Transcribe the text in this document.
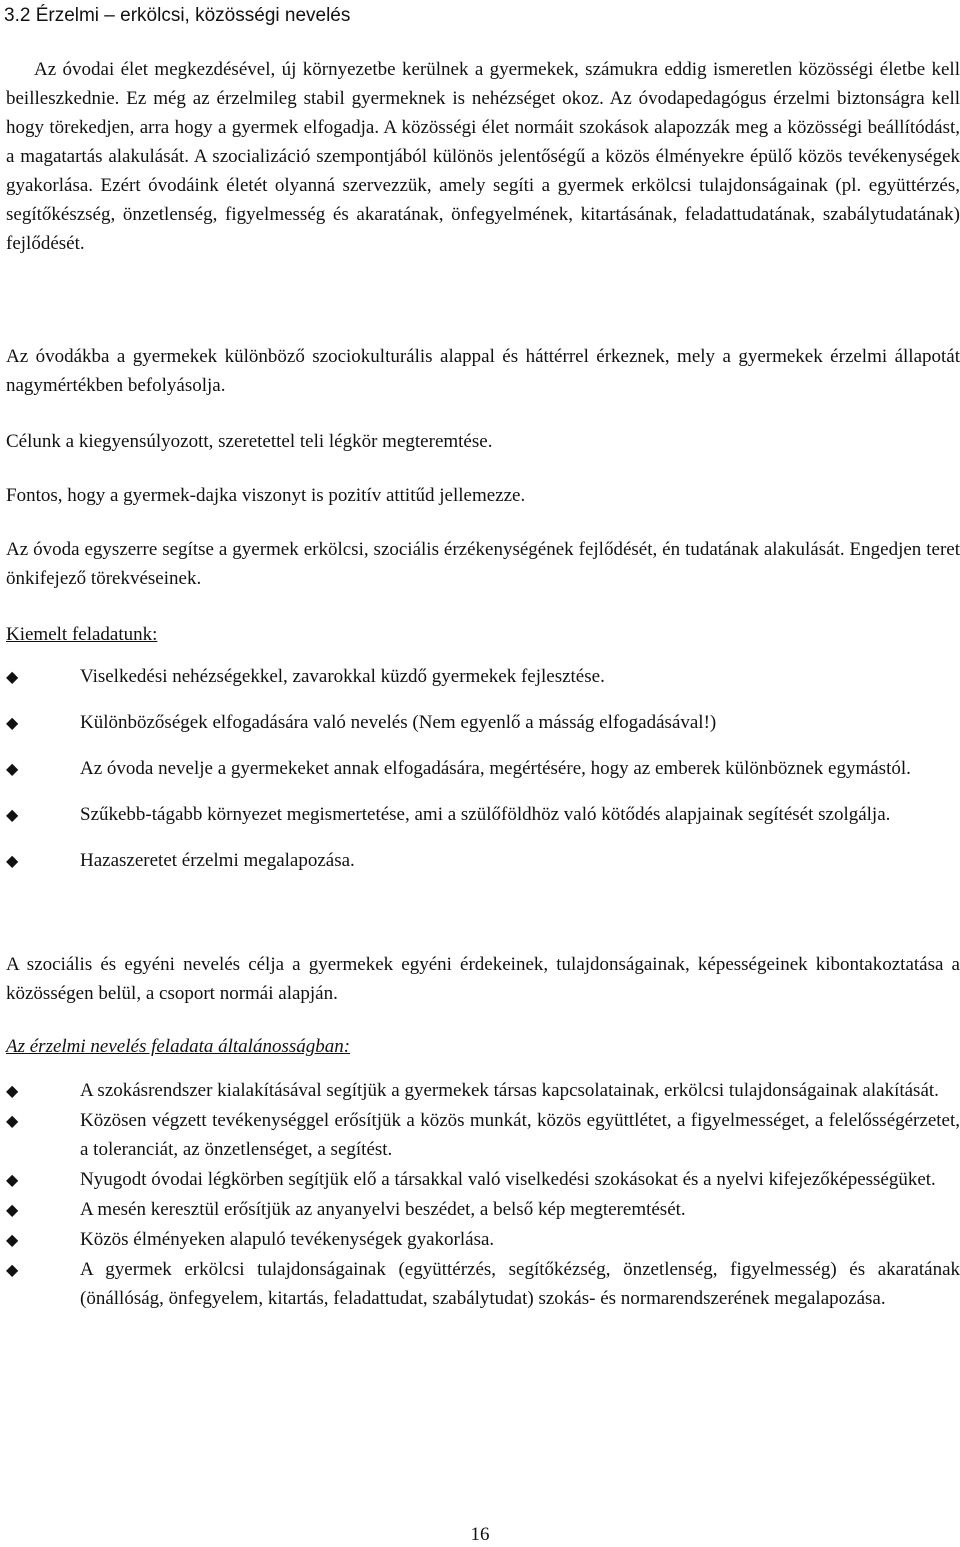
3.2 Érzelmi – erkölcsi, közösségi nevelés

Az óvodai élet megkezdésével, új környezetbe kerülnek a gyermekek, számukra eddig ismeretlen közösségi életbe kell beilleszkednie. Ez még az érzelmileg stabil gyermeknek is nehézséget okoz. Az óvodapedagógus érzelmi biztonságra kell hogy törekedjen, arra hogy a gyermek elfogadja. A közösségi élet normáit szokások alapozzák meg a közösségi beállítódást, a magatartás alakulását. A szocializáció szempontjából különös jelentőségű a közös élményekre épülő közös tevékenységek gyakorlása. Ezért óvodáink életét olyanná szervezzük, amely segíti a gyermek erkölcsi tulajdonságainak (pl. együttérzés, segítőkészség, önzetlenség, figyelmesség és akaratának, önfegyelmének, kitartásának, feladattudatának, szabálytudatának) fejlődését.

Az óvodákba a gyermekek különböző szociokulturális alappal és háttérrel érkeznek, mely a gyermekek érzelmi állapotát nagymértékben befolyásolja.

Célunk a kiegyensúlyozott, szeretettel teli légkör megteremtése.

Fontos, hogy a gyermek-dajka viszonyt is pozitív attitűd jellemezze.

Az óvoda egyszerre segítse a gyermek erkölcsi, szociális érzékenységének fejlődését, én tudatának alakulását. Engedjen teret önkifejező törekvéseinek.

Kiemelt feladatunk:

◆	Viselkedési nehézségekkel, zavarokkal küzdő gyermekek fejlesztése.
◆	Különbözőségek elfogadására való nevelés (Nem egyenlő a másság elfogadásával!)
◆	Az óvoda nevelje a gyermekeket annak elfogadására, megértésére, hogy az emberek különböznek egymástól.
◆	Szűkebb-tágabb környezet megismertetése, ami a szülőföldhöz való kötődés alapjainak segítését szolgálja.
◆	Hazaszeretet érzelmi megalapozása.

A szociális és egyéni nevelés célja a gyermekek egyéni érdekeinek, tulajdonságainak, képességeinek kibontakoztatása a közösségen belül, a csoport normái alapján.

Az érzelmi nevelés feladata általánosságban:

◆	A szokásrendszer kialakításával segítjük a gyermekek társas kapcsolatainak, erkölcsi tulajdonságainak alakítását.
◆	Közösen végzett tevékenységgel erősítjük a közös munkát, közös együttlétet, a figyelmességet, a felelősségérzetet, a toleranciát, az önzetlenséget, a segítést.
◆	Nyugodt óvodai légkörben segítjük elő a társakkal való viselkedési szokásokat és a nyelvi kifejezőképességüket.
◆	A mesén keresztül erősítjük az anyanyelvi beszédet, a belső kép megteremtését.
◆	Közös élményeken alapuló tevékenységek gyakorlása.
◆	A gyermek erkölcsi tulajdonságainak (együttérzés, segítőkézség, önzetlenség, figyelmesség) és akaratának (önállóság, önfegyelem, kitartás, feladattudat, szabálytudat) szokás- és normarendszerének megalapozása.
16
